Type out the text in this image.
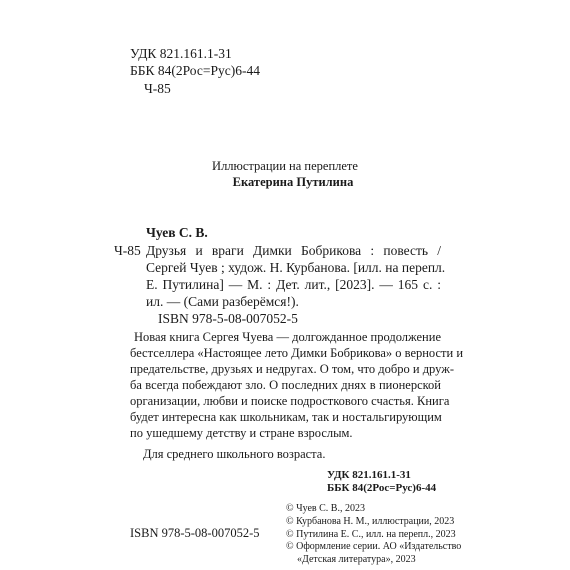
УДК 821.161.1-31
ББК 84(2Рос=Рус)6-44
Ч-85
Иллюстрации на переплете
Екатерина Путилина
Чуев С. В.
Ч-85 Друзья и враги Димки Бобрикова : повесть /
Сергей Чуев ; худож. Н. Курбанова. [илл. на перепл.
Е. Путилина] — М. : Дет. лит., [2023]. — 165 с. :
ил. — (Сами разберёмся!).
ISBN 978-5-08-007052-5
Новая книга Сергея Чуева — долгожданное продолжение
бестселлера «Настоящее лето Димки Бобрикова» о верности и
предательстве, друзьях и недругах. О том, что добро и друж-
ба всегда побеждают зло. О последних днях в пионерской
организации, любви и поиске подросткового счастья. Книга
будет интересна как школьникам, так и ностальгирующим
по ушедшему детству и стране взрослым.
Для среднего школьного возраста.
УДК 821.161.1-31
ББК 84(2Рос=Рус)6-44
© Чуев С. В., 2023
© Курбанова Н. М., иллюстрации, 2023
© Путилина Е. С., илл. на перепл., 2023
© Оформление серии. АО «Издательство
«Детская литература», 2023
ISBN 978-5-08-007052-5
